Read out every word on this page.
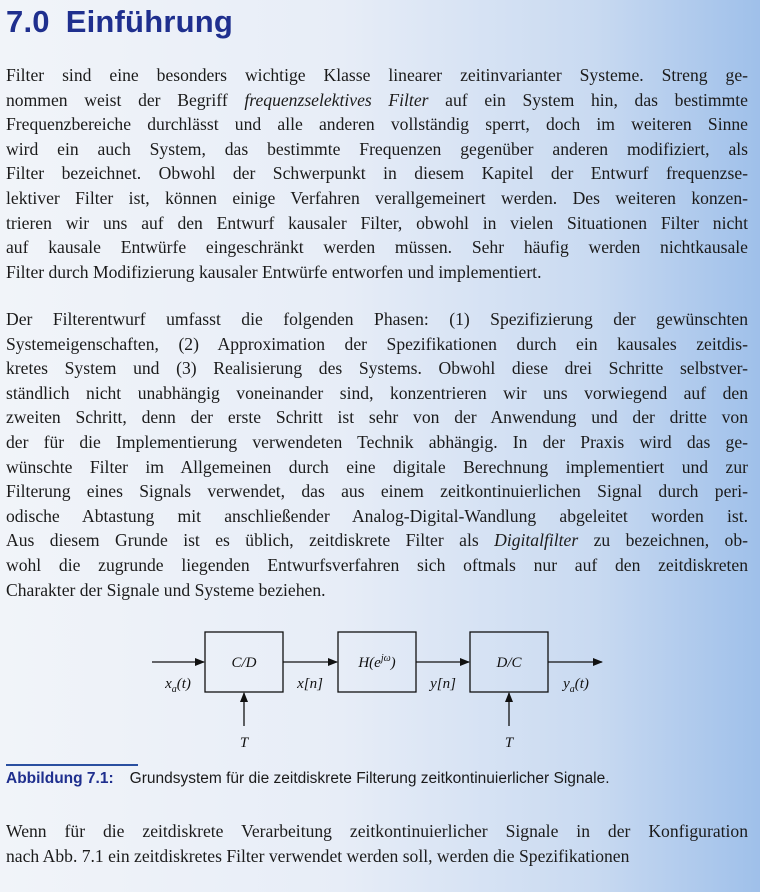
7.0 Einführung
Filter sind eine besonders wichtige Klasse linearer zeitinvarianter Systeme. Streng ge-
nommen weist der Begriff frequenzselektives Filter auf ein System hin, das bestimmte
Frequenzbereiche durchlässt und alle anderen vollständig sperrt, doch im weiteren Sinne
wird ein auch System, das bestimmte Frequenzen gegenüber anderen modifiziert, als
Filter bezeichnet. Obwohl der Schwerpunkt in diesem Kapitel der Entwurf frequenzse-
lektiver Filter ist, können einige Verfahren verallgemeinert werden. Des weiteren konzen-
trieren wir uns auf den Entwurf kausaler Filter, obwohl in vielen Situationen Filter nicht
auf kausale Entwürfe eingeschränkt werden müssen. Sehr häufig werden nichtkausale
Filter durch Modifizierung kausaler Entwürfe entworfen und implementiert.
Der Filterentwurf umfasst die folgenden Phasen: (1) Spezifizierung der gewünschten
Systemeigenschaften, (2) Approximation der Spezifikationen durch ein kausales zeitdis-
kretes System und (3) Realisierung des Systems. Obwohl diese drei Schritte selbstver-
ständlich nicht unabhängig voneinander sind, konzentrieren wir uns vorwiegend auf den
zweiten Schritt, denn der erste Schritt ist sehr von der Anwendung und der dritte von
der für die Implementierung verwendeten Technik abhängig. In der Praxis wird das ge-
wünschte Filter im Allgemeinen durch eine digitale Berechnung implementiert und zur
Filterung eines Signals verwendet, das aus einem zeitkontinuierlichen Signal durch peri-
odische Abtastung mit anschließender Analog-Digital-Wandlung abgeleitet worden ist.
Aus diesem Grunde ist es üblich, zeitdiskrete Filter als Digitalfilter zu bezeichnen, ob-
wohl die zugrunde liegenden Entwurfsverfahren sich oftmals nur auf den zeitdiskreten
Charakter der Signale und Systeme beziehen.
C/D	$H(e^{j\omega})$	D/C
$x_a(t)$	x[n]	y[n]	$y_a(t)$
T	T
Abbildung 7.1: Grundsystem für die zeitdiskrete Filterung zeitkontinuierlicher Signale.
Wenn für die zeitdiskrete Verarbeitung zeitkontinuierlicher Signale in der Konfiguration
nach Abb. 7.1 ein zeitdiskretes Filter verwendet werden soll, werden die Spezifikationen
